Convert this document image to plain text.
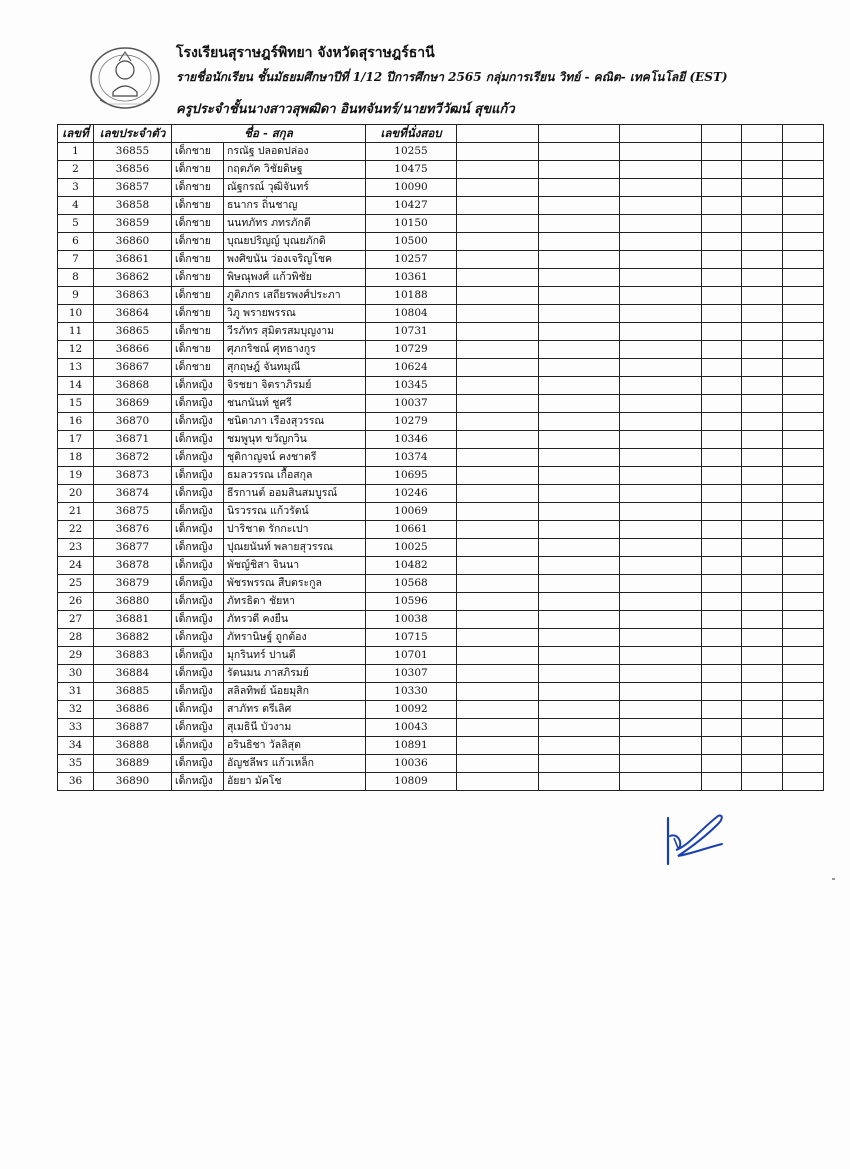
โรงเรียนสุราษฎร์พิทยา จังหวัดสุราษฎร์ธานี
รายชื่อนักเรียน ชั้นมัธยมศึกษาปีที่ 1/12 ปีการศึกษา 2565 กลุ่มการเรียน วิทย์ - คณิต- เทคโนโลยี (EST)
ครูประจำชั้นนางสาวสุพฒิดา อินทจันทร์/นายทวีวัฒน์ สุขแก้ว
เลขที่	เลขประจำตัว	ชื่อ - สกุล		เลขที่นั่งสอบ						
1	36855	เด็กชาย	กรณัฐ ปลอดปล่อง	10255						
2	36856	เด็กชาย	กฤตภัค วิชัยดิษฐ	10475						
3	36857	เด็กชาย	ณัฐกรณ์ วุฒิจันทร์	10090						
4	36858	เด็กชาย	ธนากร ถิ่นชาญ	10427						
5	36859	เด็กชาย	นนทภัทร ภทรภักดี	10150						
6	36860	เด็กชาย	บุณยปริญญ์ บุณยภักดิ	10500						
7	36861	เด็กชาย	พงศิขนัน ว่องเจริญโชค	10257						
8	36862	เด็กชาย	พิษณุพงศ์ แก้วพิชัย	10361						
9	36863	เด็กชาย	ภูติภกร เสถียรพงศ์ประภา	10188						
10	36864	เด็กชาย	วิภู พรายพรรณ	10804						
11	36865	เด็กชาย	วีรภัทร สุมิตรสมบุญงาม	10731						
12	36866	เด็กชาย	ศุภกริชณ์ ศุทธางกูร	10729						
13	36867	เด็กชาย	สุกฤษฎ์ จันทมุณี	10624						
14	36868	เด็กหญิง	จิรชยา จิตราภิรมย์	10345						
15	36869	เด็กหญิง	ชนกนันท์ ชูศรี	10037						
16	36870	เด็กหญิง	ชนิดาภา เรืองสุวรรณ	10279						
17	36871	เด็กหญิง	ชมพูนุท ขวัญกวิน	10346						
18	36872	เด็กหญิง	ชุติกาญจน์ คงชาตรี	10374						
19	36873	เด็กหญิง	ธมลวรรณ เกื้อสกุล	10695						
20	36874	เด็กหญิง	ธีรกานต์ ออมสินสมบูรณ์	10246						
21	36875	เด็กหญิง	นิรวรรณ แก้วรัตน์	10069						
22	36876	เด็กหญิง	ปาริชาต รักกะเปา	10661						
23	36877	เด็กหญิง	ปุณยนันท์ พลายสุวรรณ	10025						
24	36878	เด็กหญิง	พัชญ์ชิสา จินนา	10482						
25	36879	เด็กหญิง	พัชรพรรณ สืบตระกูล	10568						
26	36880	เด็กหญิง	ภัทรธิดา ชัยหา	10596						
27	36881	เด็กหญิง	ภัทรวดี คงยืน	10038						
28	36882	เด็กหญิง	ภัทรานิษฐ์ ถูกต้อง	10715						
29	36883	เด็กหญิง	มุกรินทร์ ปานดี	10701						
30	36884	เด็กหญิง	รัตนมน ภาสภิรมย์	10307						
31	36885	เด็กหญิง	สลิลทิพย์ น้อยมุสิก	10330						
32	36886	เด็กหญิง	สาภัทร ตรีเลิศ	10092						
33	36887	เด็กหญิง	สุเมธินี บัวงาม	10043						
34	36888	เด็กหญิง	อรินธิชา วัลลิสุต	10891						
35	36889	เด็กหญิง	อัญชลีพร แก้วเหล็ก	10036						
36	36890	เด็กหญิง	อัยยา มัคโช	10809						
